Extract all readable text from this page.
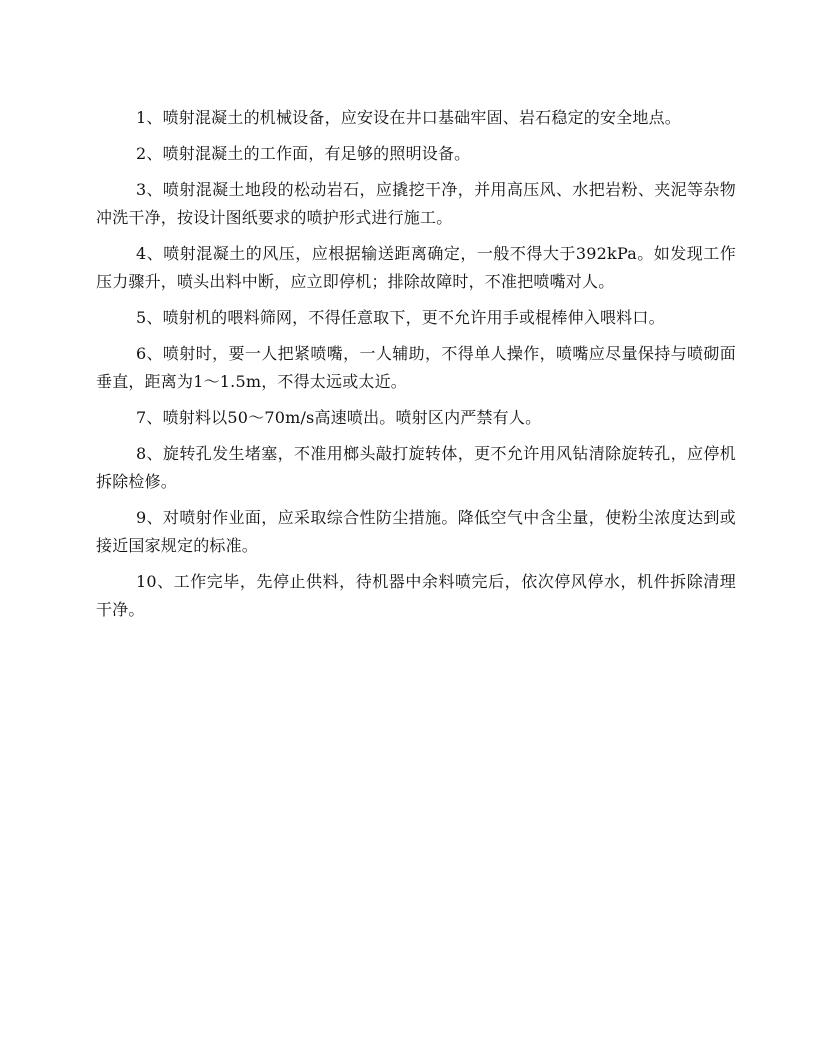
1、喷射混凝土的机械设备，应安设在井口基础牢固、岩石稳定的安全地点。

2、喷射混凝土的工作面，有足够的照明设备。

3、喷射混凝土地段的松动岩石，应撬挖干净，并用高压风、水把岩粉、夹泥等杂物冲洗干净，按设计图纸要求的喷护形式进行施工。

4、喷射混凝土的风压，应根据输送距离确定，一般不得大于392kPa。如发现工作压力骤升，喷头出料中断，应立即停机；排除故障时，不准把喷嘴对人。

5、喷射机的喂料筛网，不得任意取下，更不允许用手或棍棒伸入喂料口。

6、喷射时，要一人把紧喷嘴，一人辅助，不得单人操作，喷嘴应尽量保持与喷砌面垂直，距离为1～1.5m，不得太远或太近。

7、喷射料以50～70m/s高速喷出。喷射区内严禁有人。

8、旋转孔发生堵塞，不准用榔头敲打旋转体，更不允许用风钻清除旋转孔，应停机拆除检修。

9、对喷射作业面，应采取综合性防尘措施。降低空气中含尘量，使粉尘浓度达到或接近国家规定的标准。

10、工作完毕，先停止供料，待机器中余料喷完后，依次停风停水，机件拆除清理干净。
